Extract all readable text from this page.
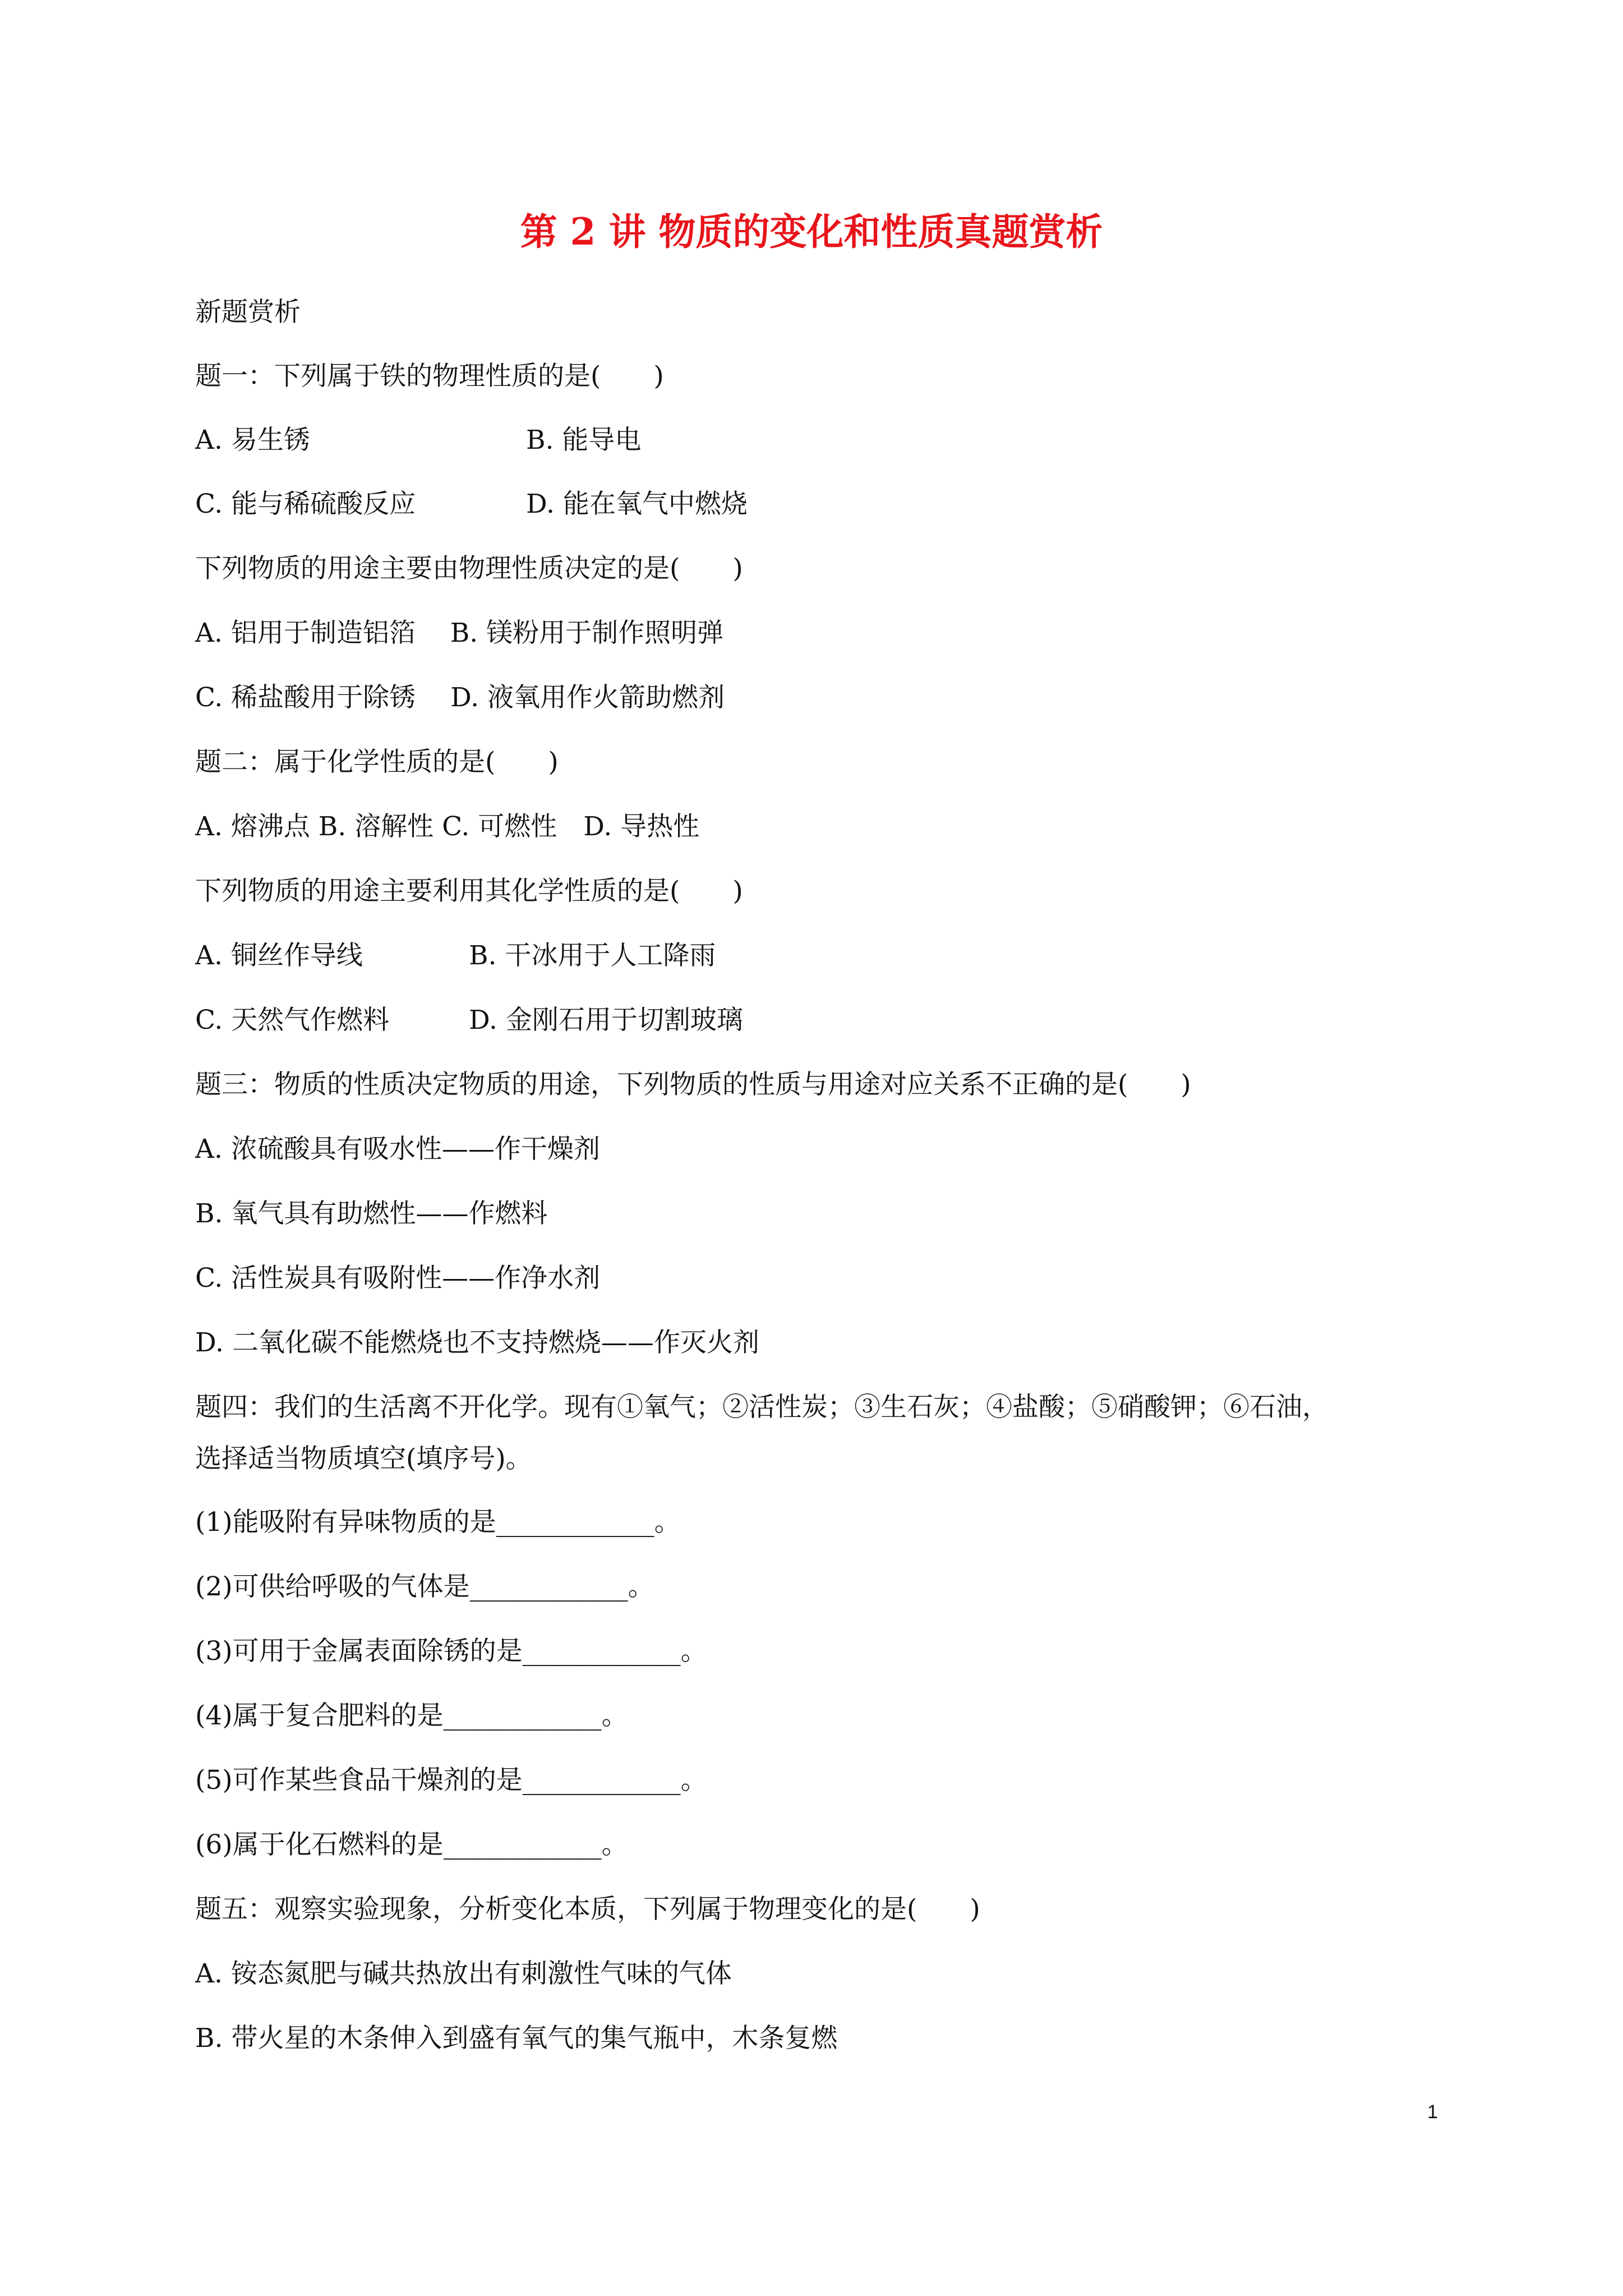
第 2 讲 物质的变化和性质真题赏析
新题赏析
题一：下列属于铁的物理性质的是(　　)
A. 易生锈	B. 能导电
C. 能与稀硫酸反应	D. 能在氧气中燃烧
下列物质的用途主要由物理性质决定的是(　　)
A. 铝用于制造铝箔　 B. 镁粉用于制作照明弹
C. 稀盐酸用于除锈　 D. 液氧用作火箭助燃剂
题二：属于化学性质的是(　　)
A. 熔沸点 B. 溶解性 C. 可燃性　D. 导热性
下列物质的用途主要利用其化学性质的是(　　)
A. 铜丝作导线	B. 干冰用于人工降雨
C. 天然气作燃料	D. 金刚石用于切割玻璃
题三：物质的性质决定物质的用途，下列物质的性质与用途对应关系不正确的是(　　)
A. 浓硫酸具有吸水性——作干燥剂
B. 氧气具有助燃性——作燃料
C. 活性炭具有吸附性——作净水剂
D. 二氧化碳不能燃烧也不支持燃烧——作灭火剂
题四：我们的生活离不开化学。现有①氧气；②活性炭；③生石灰；④盐酸；⑤硝酸钾；⑥石油，
选择适当物质填空(填序号)。
(1)能吸附有异味物质的是____________。
(2)可供给呼吸的气体是____________。
(3)可用于金属表面除锈的是____________。
(4)属于复合肥料的是____________。
(5)可作某些食品干燥剂的是____________。
(6)属于化石燃料的是____________。
题五：观察实验现象，分析变化本质，下列属于物理变化的是(　　)
A. 铵态氮肥与碱共热放出有刺激性气味的气体
B. 带火星的木条伸入到盛有氧气的集气瓶中，木条复燃
1
